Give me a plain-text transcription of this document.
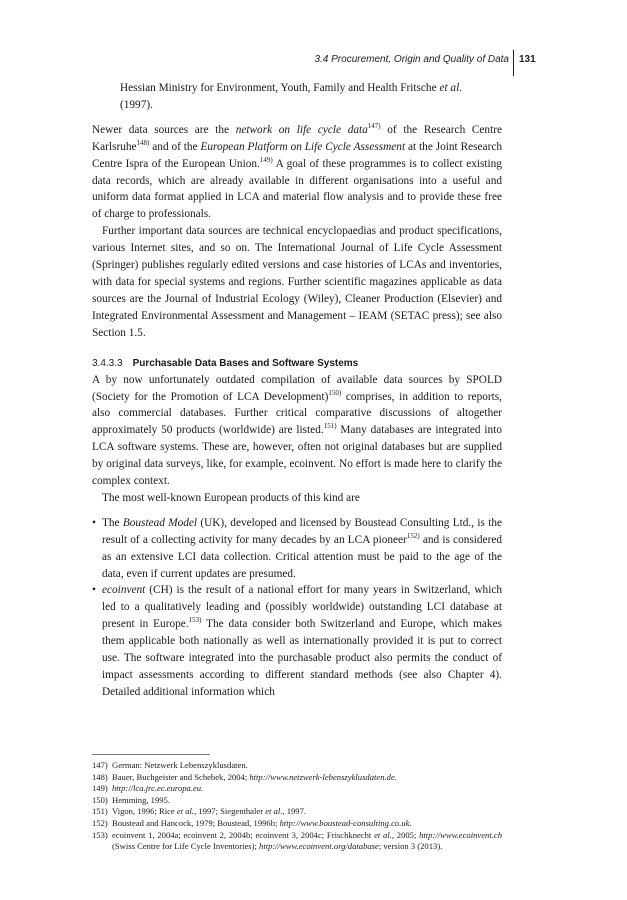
3.4 Procurement, Origin and Quality of Data 131

Hessian Ministry for Environment, Youth, Family and Health Fritsche et al.
(1997).

Newer data sources are the network on life cycle data$^{147)}$ of the Research Centre Karlsruhe$^{148)}$ and of the European Platform on Life Cycle Assessment at the Joint Research Centre Ispra of the European Union.$^{149)}$ A goal of these programmes is to collect existing data records, which are already available in different organisations into a useful and uniform data format applied in LCA and material flow analysis and to provide these free of charge to professionals.

Further important data sources are technical encyclopaedias and product specifications, various Internet sites, and so on. The International Journal of Life Cycle Assessment (Springer) publishes regularly edited versions and case histories of LCAs and inventories, with data for special systems and regions. Further scientific magazines applicable as data sources are the Journal of Industrial Ecology (Wiley), Cleaner Production (Elsevier) and Integrated Environmental Assessment and Management – IEAM (SETAC press); see also Section 1.5.

3.4.3.3 Purchasable Data Bases and Software Systems

A by now unfortunately outdated compilation of available data sources by SPOLD (Society for the Promotion of LCA Development)$^{150)}$ comprises, in addition to reports, also commercial databases. Further critical comparative discussions of altogether approximately 50 products (worldwide) are listed.$^{151)}$ Many databases are integrated into LCA software systems. These are, however, often not original databases but are supplied by original data surveys, like, for example, ecoinvent. No effort is made here to clarify the complex context.

The most well-known European products of this kind are

• The Boustead Model (UK), developed and licensed by Boustead Consulting Ltd., is the result of a collecting activity for many decades by an LCA pioneer$^{152)}$ and is considered as an extensive LCI data collection. Critical attention must be paid to the age of the data, even if current updates are presumed.
• ecoinvent (CH) is the result of a national effort for many years in Switzerland, which led to a qualitatively leading and (possibly worldwide) outstanding LCI database at present in Europe.$^{153)}$ The data consider both Switzerland and Europe, which makes them applicable both nationally as well as internationally provided it is put to correct use. The software integrated into the purchasable product also permits the conduct of impact assessments according to different standard methods (see also Chapter 4). Detailed additional information which
147) German: Netzwerk Lebenszyklusdaten.
148) Bauer, Buchgeister and Schebek, 2004; http://www.netzwerk-lebenszyklusdaten.de.
149) http://lca.jrc.ec.europa.eu.
150) Hemming, 1995.
151) Vigon, 1996; Rice et al., 1997; Siegenthaler et al., 1997.
152) Boustead and Hancock, 1979; Boustead, 1996b; http://www.boustead-consulting.co.uk.
153) ecoinvent 1, 2004a; ecoinvent 2, 2004b; ecoinvent 3, 2004c; Frischknecht et al., 2005; http://www.ecoinvent.ch (Swiss Centre for Life Cycle Inventories); http://www.ecoinvent.org/database; version 3 (2013).
